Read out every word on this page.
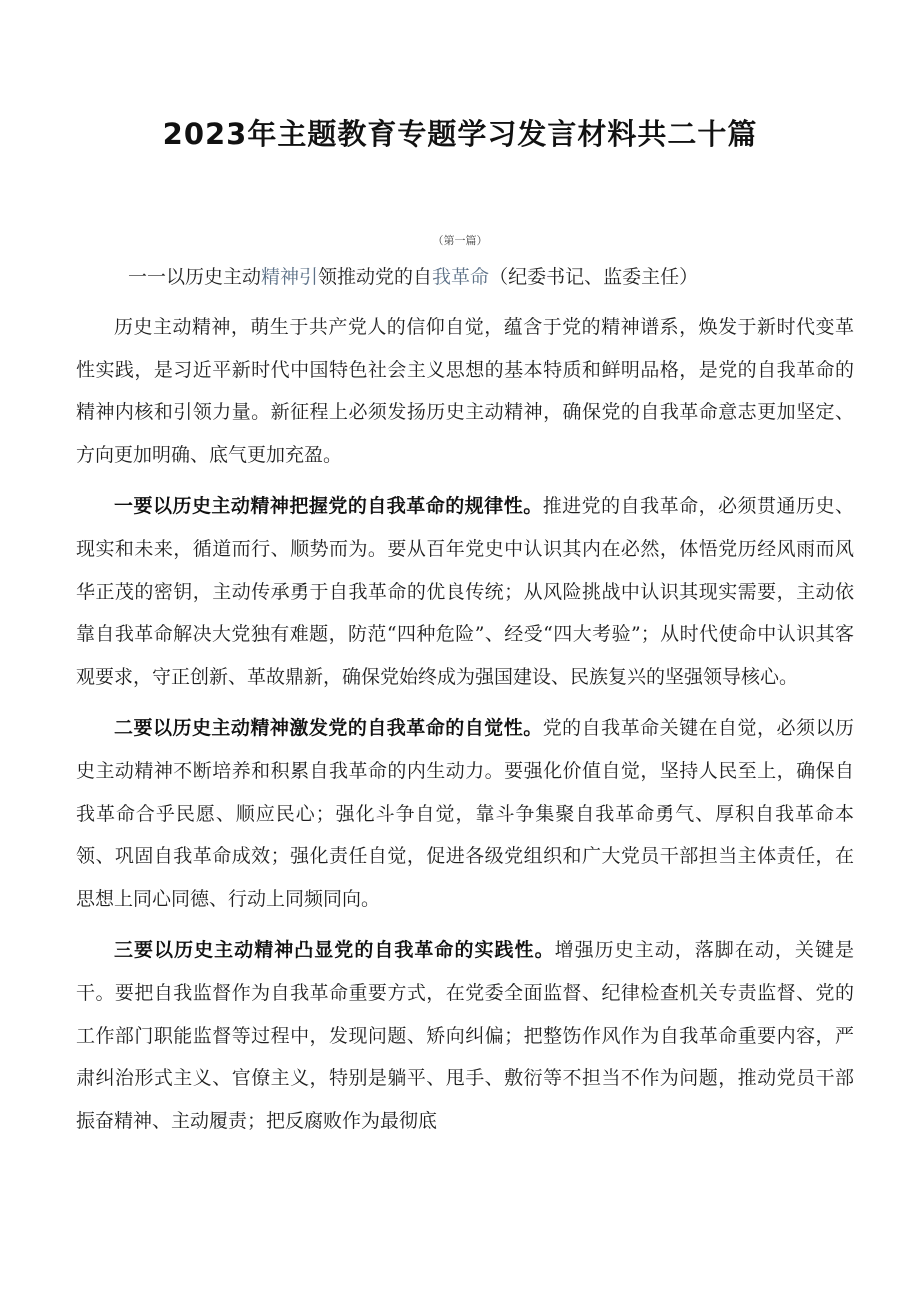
2023年主题教育专题学习发言材料共二十篇
（第一篇）
一一以历史主动精神引领推动党的自我革命（纪委书记、监委主任）

历史主动精神，萌生于共产党人的信仰自觉，蕴含于党的精神谱系，焕发于新时代变革性实践，是习近平新时代中国特色社会主义思想的基本特质和鲜明品格，是党的自我革命的精神内核和引领力量。新征程上必须发扬历史主动精神，确保党的自我革命意志更加坚定、方向更加明确、底气更加充盈。

一要以历史主动精神把握党的自我革命的规律性。推进党的自我革命，必须贯通历史、现实和未来，循道而行、顺势而为。要从百年党史中认识其内在必然，体悟党历经风雨而风华正茂的密钥，主动传承勇于自我革命的优良传统；从风险挑战中认识其现实需要，主动依靠自我革命解决大党独有难题，防范“四种危险”、经受“四大考验”；从时代使命中认识其客观要求，守正创新、革故鼎新，确保党始终成为强国建设、民族复兴的坚强领导核心。

二要以历史主动精神激发党的自我革命的自觉性。党的自我革命关键在自觉，必须以历史主动精神不断培养和积累自我革命的内生动力。要强化价值自觉，坚持人民至上，确保自我革命合乎民愿、顺应民心；强化斗争自觉，靠斗争集聚自我革命勇气、厚积自我革命本领、巩固自我革命成效；强化责任自觉，促进各级党组织和广大党员干部担当主体责任，在思想上同心同德、行动上同频同向。

三要以历史主动精神凸显党的自我革命的实践性。增强历史主动，落脚在动，关键是干。要把自我监督作为自我革命重要方式，在党委全面监督、纪律检查机关专责监督、党的工作部门职能监督等过程中，发现问题、矫向纠偏；把整饬作风作为自我革命重要内容，严肃纠治形式主义、官僚主义，特别是躺平、甩手、敷衍等不担当不作为问题，推动党员干部振奋精神、主动履责；把反腐败作为最彻底
